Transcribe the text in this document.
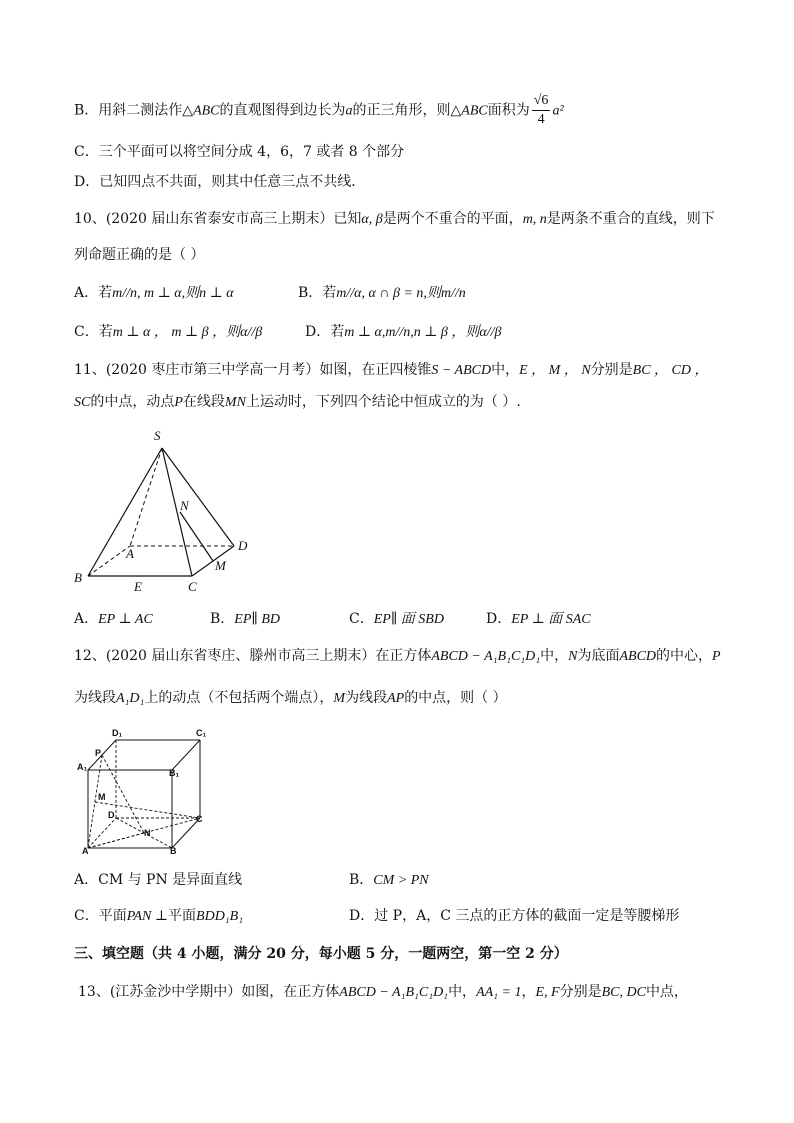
B．用斜二测法作△ABC的直观图得到边长为a的正三角形，则△ABC面积为 $\frac{√6}{4} a^2$
C．三个平面可以将空间分成 4，6，7 或者 8 个部分
D．已知四点不共面，则其中任意三点不共线．
10、(2020 届山东省泰安市高三上期末）已知α, β是两个不重合的平面，m, n是两条不重合的直线，则下
列命题正确的是（ ）
A．若m//n, m ⊥ α,则n ⊥ α	B．若m//α, α ∩ β = n,则m//n
C．若m ⊥ α ， m ⊥ β ，则α//β	D．若m ⊥ α,m//n,n ⊥ β ，则α//β
11、(2020 枣庄市第三中学高一月考）如图，在正四棱锥S − ABCD中，E ， M ， N分别是BC ， CD ，
SC的中点，动点P在线段MN上运动时，下列四个结论中恒成立的为（ ）.
S
N
A
D
B
E	C
M
A．EP ⊥ AC	B．EP∥ BD	C．EP∥ 面 SBD	D．EP ⊥ 面 SAC
12、(2020 届山东省枣庄、滕州市高三上期末）在正方体ABCD − A₁B₁C₁D₁中，N为底面ABCD的中心，P
为线段A₁D₁上的动点（不包括两个端点），M为线段AP的中点，则（ ）
D₁	C₁
P
A₁
B₁
M
D	C
N
A	B
A．CM 与 PN 是异面直线	B．CM > PN
C．平面PAN ⊥平面BDD₁B₁	D．过 P，A，C 三点的正方体的截面一定是等腰梯形
三、填空题（共 4 小题，满分 20 分，每小题 5 分，一题两空，第一空 2 分）
13、(江苏金沙中学期中）如图，在正方体ABCD − A₁B₁C₁D₁中，AA₁ = 1，E, F分别是BC, DC中点，
